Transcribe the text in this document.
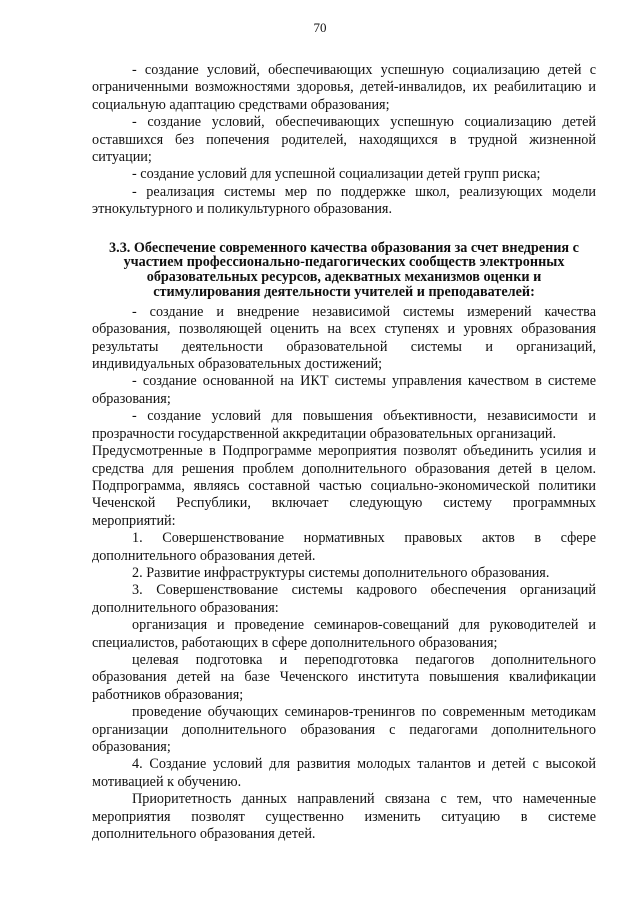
70

- создание условий, обеспечивающих успешную социализацию детей с ограниченными возможностями здоровья, детей-инвалидов, их реабилитацию и социальную адаптацию средствами образования;

- создание условий, обеспечивающих успешную социализацию детей оставшихся без попечения родителей, находящихся в трудной жизненной ситуации;

- создание условий для успешной социализации детей групп риска;

- реализация системы мер по поддержке школ, реализующих модели этнокультурного и поликультурного образования.

3.3. Обеспечение современного качества образования за счет внедрения с участием профессионально-педагогических сообществ электронных образовательных ресурсов, адекватных механизмов оценки и стимулирования деятельности учителей и преподавателей:

- создание и внедрение независимой системы измерений качества образования, позволяющей оценить на всех ступенях и уровнях образования результаты деятельности образовательной системы и организаций, индивидуальных образовательных достижений;

- создание основанной на ИКТ системы управления качеством в системе образования;

- создание условий для повышения объективности, независимости и прозрачности государственной аккредитации образовательных организаций.

Предусмотренные в Подпрограмме мероприятия позволят объединить усилия и средства для решения проблем дополнительного образования детей в целом. Подпрограмма, являясь составной частью социально-экономической политики Чеченской Республики, включает следующую систему программных мероприятий:

1. Совершенствование нормативных правовых актов в сфере дополнительного образования детей.

2. Развитие инфраструктуры системы дополнительного образования.

3. Совершенствование системы кадрового обеспечения организаций дополнительного образования:

организация и проведение семинаров-совещаний для руководителей и специалистов, работающих в сфере дополнительного образования;

целевая подготовка и переподготовка педагогов дополнительного образования детей на базе Чеченского института повышения квалификации работников образования;

проведение обучающих семинаров-тренингов по современным методикам организации дополнительного образования с педагогами дополнительного образования;

4. Создание условий для развития молодых талантов и детей с высокой мотивацией к обучению.

Приоритетность данных направлений связана с тем, что намеченные мероприятия позволят существенно изменить ситуацию в системе дополнительного образования детей.
